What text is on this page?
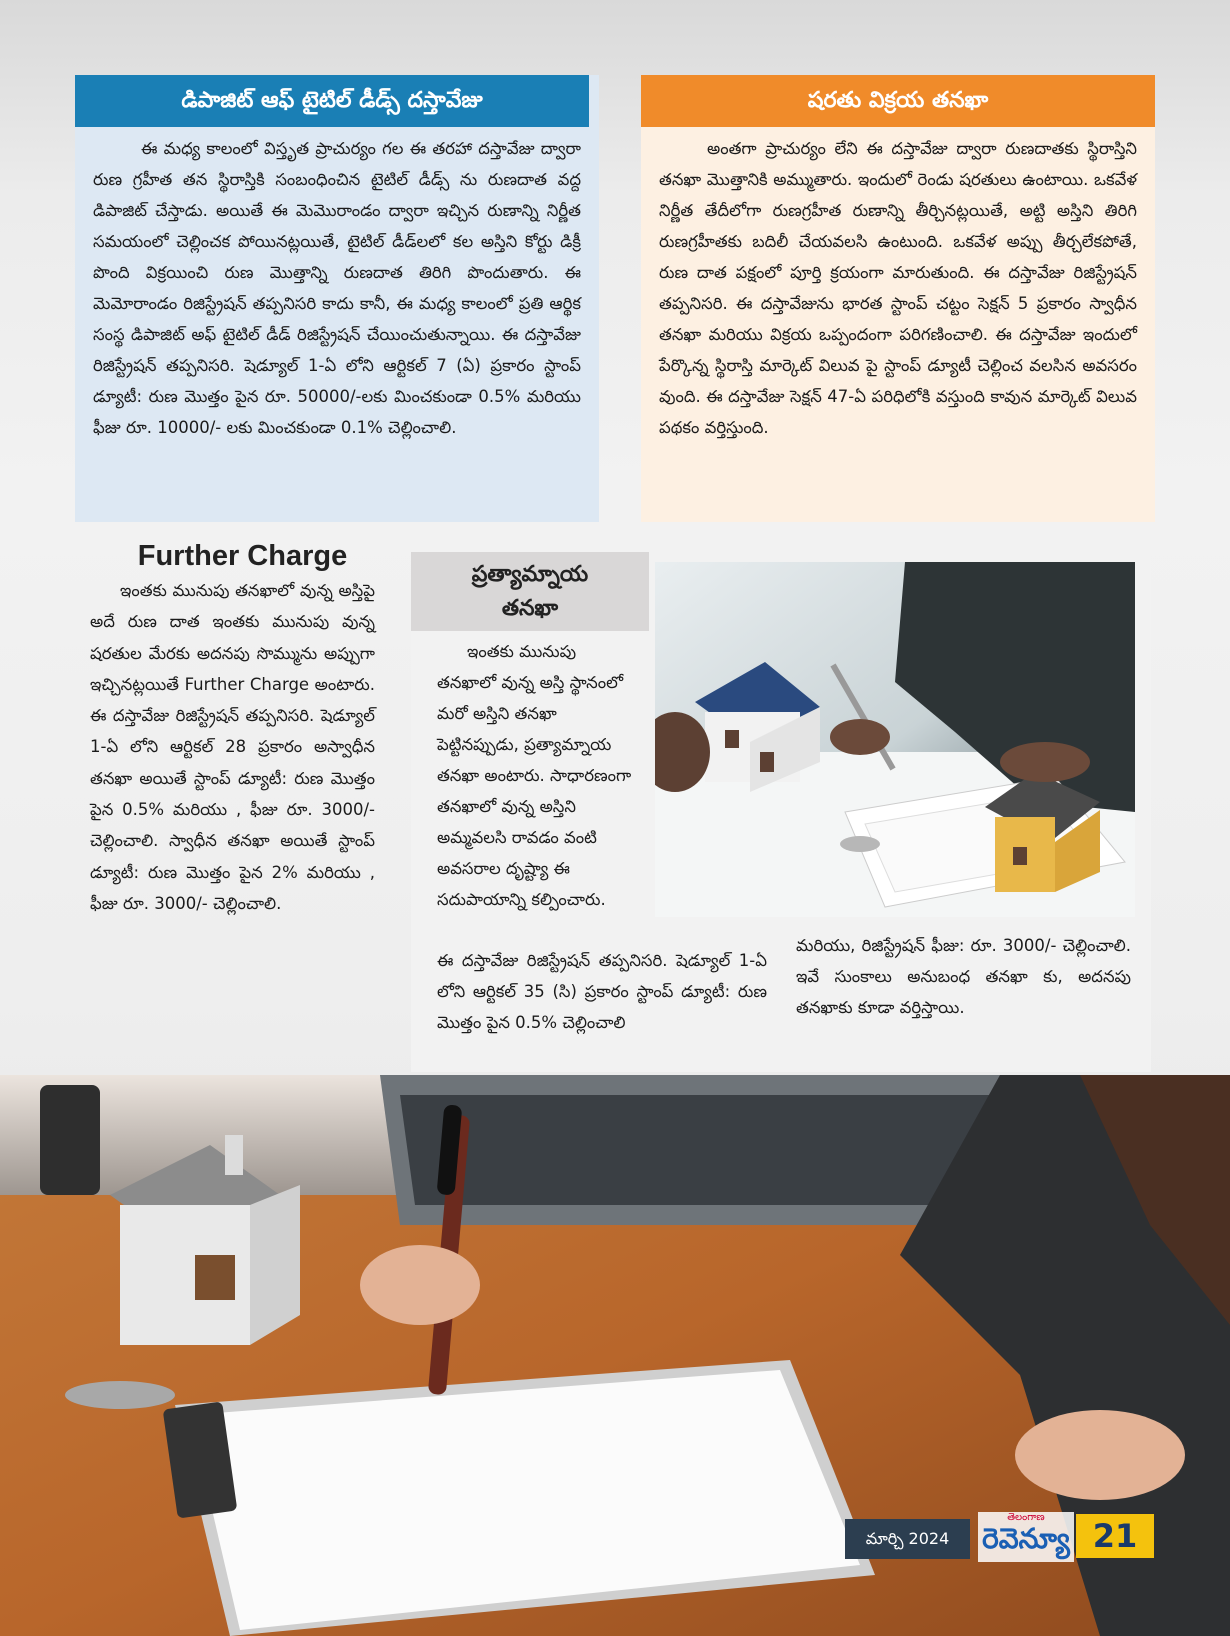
డిపాజిట్ ఆఫ్ టైటిల్ డీడ్స్ దస్తావేజు
ఈ మధ్య కాలంలో విస్తృత ప్రాచుర్యం గల ఈ తరహా దస్తావేజు ద్వారా రుణ గ్రహీత తన స్థిరాస్తికి సంబంధించిన టైటిల్ డీడ్స్ ను రుణదాత వద్ద డిపాజిట్ చేస్తాడు. అయితే ఈ మెమొరాండం ద్వారా ఇచ్చిన రుణాన్ని నిర్ణీత సమయంలో చెల్లించక పోయినట్లయితే, టైటిల్ డీడ్‌లలో కల అస్తిని కోర్టు డిక్రీ పొంది విక్రయించి రుణ మొత్తాన్ని రుణదాత తిరిగి పొందుతారు. ఈ మెమోరాండం రిజిస్ట్రేషన్ తప్పనిసరి కాదు కానీ, ఈ మధ్య కాలంలో ప్రతి ఆర్థిక సంస్థ డిపాజిట్ అఫ్ టైటిల్ డీడ్ రిజిస్ట్రేషన్ చేయించుతున్నాయి. ఈ దస్తావేజు రిజిస్ట్రేషన్ తప్పనిసరి. షెడ్యూల్ 1-ఏ లోని ఆర్టికల్ 7 (ఏ) ప్రకారం స్టాంప్ డ్యూటీ: రుణ మొత్తం పైన రూ. 50000/-లకు మించకుండా 0.5% మరియు ఫీజు రూ. 10000/- లకు మించకుండా 0.1% చెల్లించాలి.
షరతు విక్రయ తనఖా
అంతగా ప్రాచుర్యం లేని ఈ దస్తావేజు ద్వారా రుణదాతకు స్థిరాస్తిని తనఖా మొత్తానికి అమ్ముతారు. ఇందులో రెండు షరతులు ఉంటాయి. ఒకవేళ నిర్ణీత తేదీలోగా రుణగ్రహీత రుణాన్ని తీర్చినట్లయితే, అట్టి అస్తిని తిరిగి రుణగ్రహీతకు బదిలీ చేయవలసి ఉంటుంది. ఒకవేళ అప్పు తీర్చలేకపోతే, రుణ దాత పక్షంలో పూర్తి క్రయంగా మారుతుంది. ఈ దస్తావేజు రిజిస్ట్రేషన్ తప్పనిసరి. ఈ దస్తావేజును భారత స్టాంప్ చట్టం సెక్షన్ 5 ప్రకారం స్వాధీన తనఖా మరియు విక్రయ ఒప్పందంగా పరిగణించాలి. ఈ దస్తావేజు ఇందులో పేర్కొన్న స్థిరాస్తి మార్కెట్ విలువ పై స్టాంప్ డ్యూటీ చెల్లించ వలసిన అవసరం వుంది. ఈ దస్తావేజు సెక్షన్ 47-ఏ పరిధిలోకి వస్తుంది కావున మార్కెట్ విలువ పథకం వర్తిస్తుంది.
Further Charge
ఇంతకు మునుపు తనఖాలో వున్న అస్తిపై అదే రుణ దాత ఇంతకు మునుపు వున్న షరతుల మేరకు అదనపు సొమ్మును అప్పుగా ఇచ్చినట్లయితే Further Charge అంటారు. ఈ దస్తావేజు రిజిస్ట్రేషన్ తప్పనిసరి. షెడ్యూల్ 1-ఏ లోని ఆర్టికల్ 28 ప్రకారం అస్వాధీన తనఖా అయితే స్టాంప్ డ్యూటీ: రుణ మొత్తం పైన 0.5% మరియు , ఫీజు రూ. 3000/- చెల్లించాలి. స్వాధీన తనఖా అయితే స్టాంప్ డ్యూటీ: రుణ మొత్తం పైన 2% మరియు , ఫీజు రూ. 3000/- చెల్లించాలి.
ప్రత్యామ్నాయ
తనఖా
ఇంతకు మునుపు తనఖాలో వున్న అస్తి స్థానంలో మరో అస్తిని తనఖా పెట్టినప్పుడు, ప్రత్యామ్నాయ తనఖా అంటారు. సాధారణంగా తనఖాలో వున్న అస్తిని అమ్మవలసి రావడం వంటి అవసరాల దృష్ట్యా ఈ సదుపాయాన్ని కల్పించారు.
ఈ దస్తావేజు రిజిస్ట్రేషన్ తప్పనిసరి. షెడ్యూల్ 1-ఏ లోని ఆర్టికల్ 35 (సి) ప్రకారం స్టాంప్ డ్యూటీ: రుణ మొత్తం పైన 0.5% చెల్లించాలి
మరియు, రిజిస్ట్రేషన్ ఫీజు: రూ. 3000/- చెల్లించాలి. ఇవే సుంకాలు అనుబంధ తనఖా కు, అదనపు తనఖాకు కూడా వర్తిస్తాయి.
మార్చి 2024
తెలంగాణ
రెవెన్యూ 21
